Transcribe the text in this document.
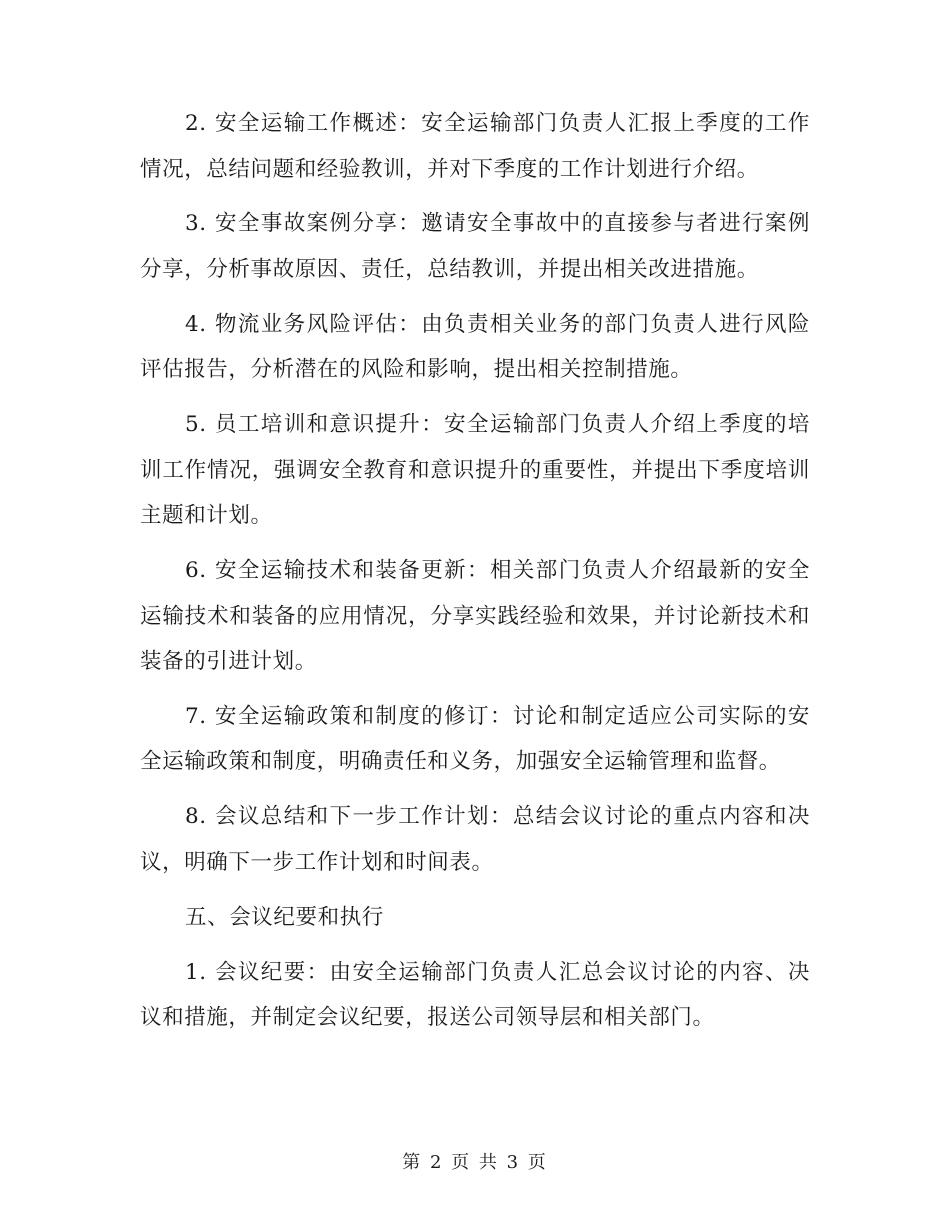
2. 安全运输工作概述：安全运输部门负责人汇报上季度的工作情况，总结问题和经验教训，并对下季度的工作计划进行介绍。

3. 安全事故案例分享：邀请安全事故中的直接参与者进行案例分享，分析事故原因、责任，总结教训，并提出相关改进措施。

4. 物流业务风险评估：由负责相关业务的部门负责人进行风险评估报告，分析潜在的风险和影响，提出相关控制措施。

5. 员工培训和意识提升：安全运输部门负责人介绍上季度的培训工作情况，强调安全教育和意识提升的重要性，并提出下季度培训主题和计划。

6. 安全运输技术和装备更新：相关部门负责人介绍最新的安全运输技术和装备的应用情况，分享实践经验和效果，并讨论新技术和装备的引进计划。

7. 安全运输政策和制度的修订：讨论和制定适应公司实际的安全运输政策和制度，明确责任和义务，加强安全运输管理和监督。

8. 会议总结和下一步工作计划：总结会议讨论的重点内容和决议，明确下一步工作计划和时间表。

五、会议纪要和执行

1. 会议纪要：由安全运输部门负责人汇总会议讨论的内容、决议和措施，并制定会议纪要，报送公司领导层和相关部门。

第 2 页 共 3 页
